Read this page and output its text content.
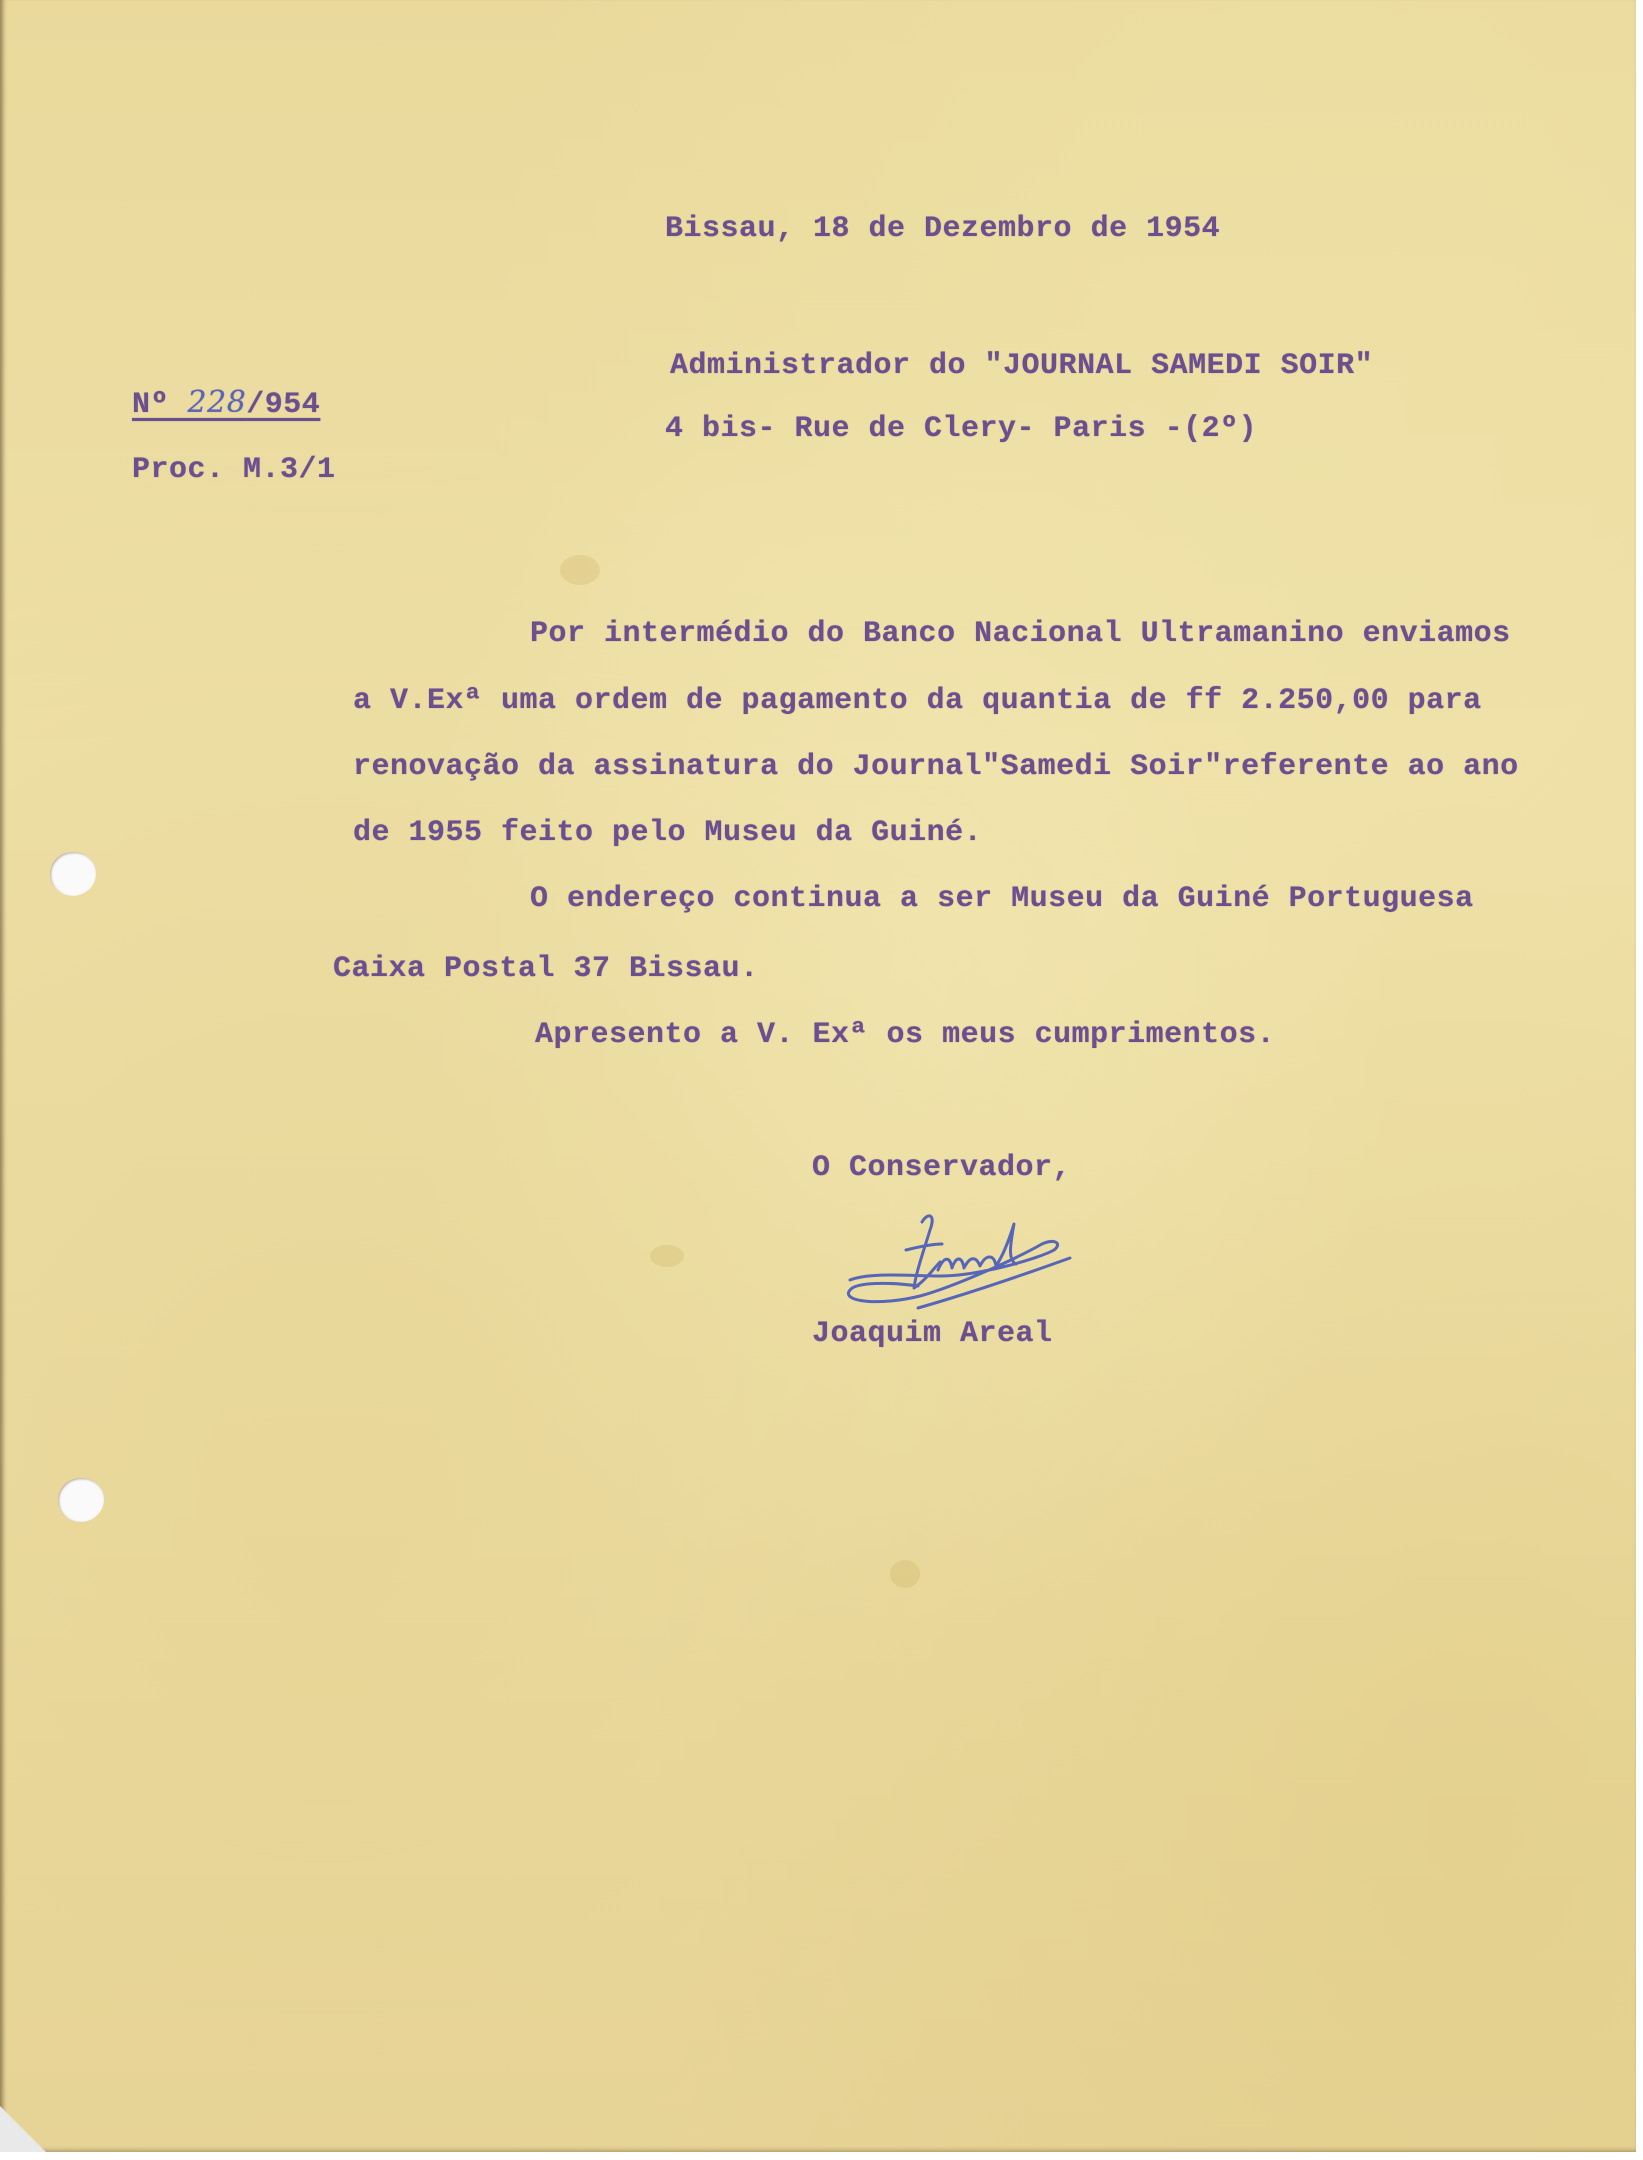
Bissau, 18 de Dezembro de 1954
Administrador do "JOURNAL SAMEDI SOIR"
4 bis- Rue de Clery- Paris -(2º)
Nº 228/954
Proc. M.3/1
Por intermédio do Banco Nacional Ultramanino enviamos
a V.Exª uma ordem de pagamento da quantia de ff 2.250,00 para
renovação da assinatura do Journal"Samedi Soir"referente ao ano
de 1955 feito pelo Museu da Guiné.
O endereço continua a ser Museu da Guiné Portuguesa
Caixa Postal 37 Bissau.
Apresento a V. Exª os meus cumprimentos.
O Conservador,
Joaquim Areal
